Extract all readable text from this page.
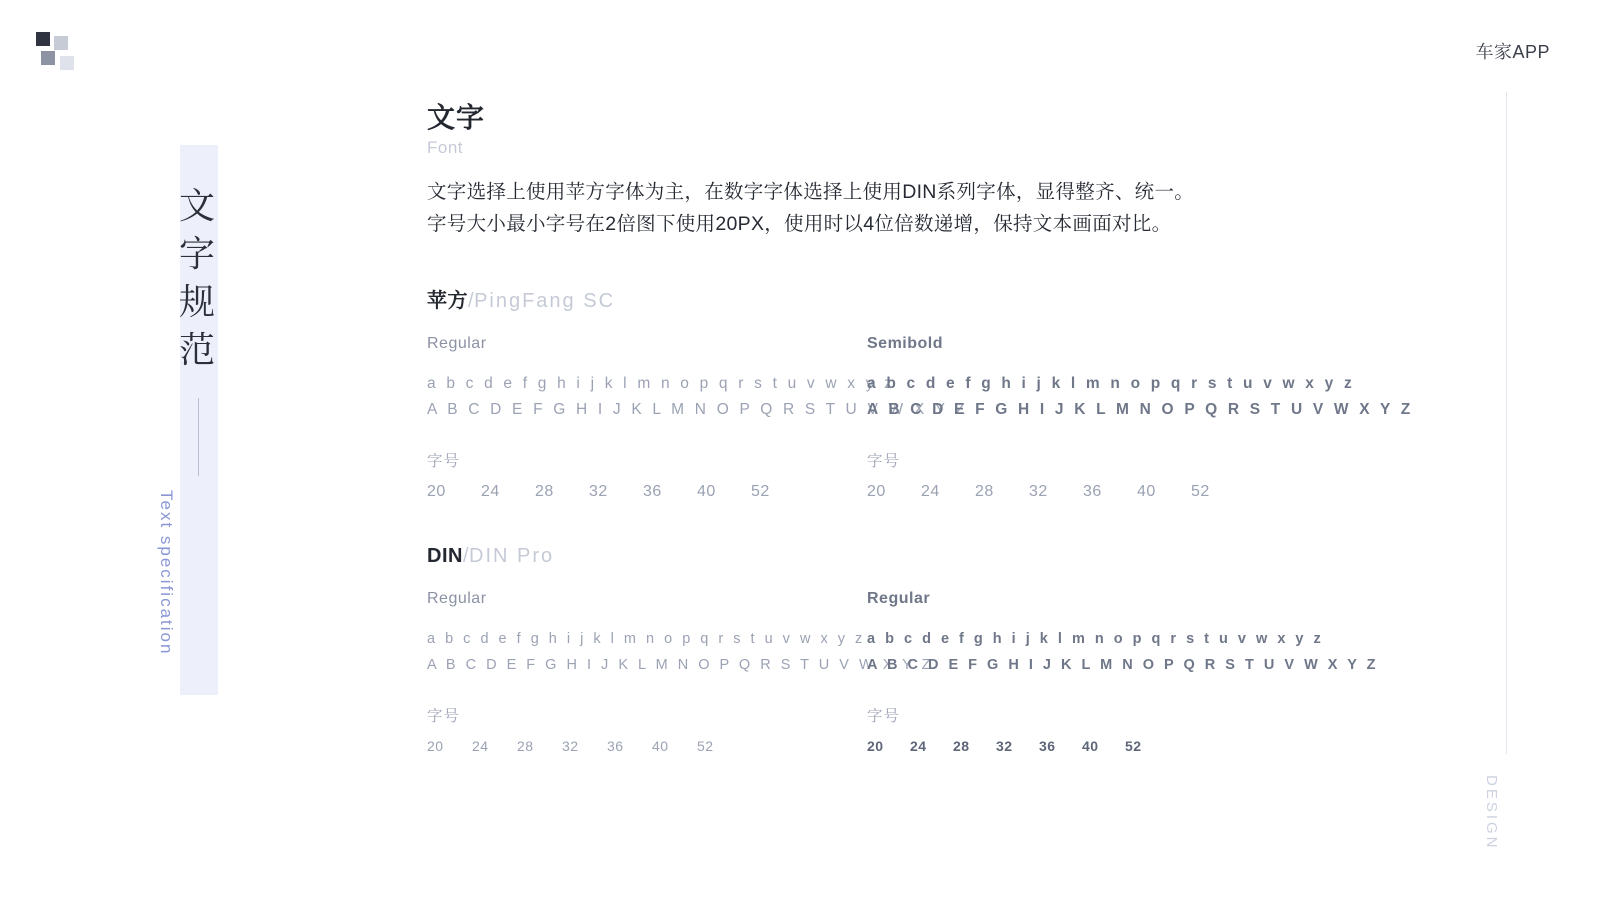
车家APP
文
字
规
范
Text specification
DESIGN
文字
Font
文字选择上使用苹方字体为主，在数字字体选择上使用DIN系列字体，显得整齐、统一。
字号大小最小字号在2倍图下使用20PX，使用时以4位倍数递增，保持文本画面对比。
苹方/PingFang SC
Regular
a b c d e f g h i j k l m n o p q r s t u v w x y z
A B C D E F G H I J K L M N O P Q R S T U V W X Y Z
字号
20	24	28	32	36	40	52
Semibold
a b c d e f g h i j k l m n o p q r s t u v w x y z
A B C D E F G H I J K L M N O P Q R S T U V W X Y Z
字号
20	24	28	32	36	40	52
DIN/DIN Pro
Regular
a b c d e f g h i j k l m n o p q r s t u v w x y z
A B C D E F G H I J K L M N O P Q R S T U V W X Y Z
字号
20	24	28	32	36	40	52
Regular
a b c d e f g h i j k l m n o p q r s t u v w x y z
A B C D E F G H I J K L M N O P Q R S T U V W X Y Z
字号
20	24	28	32	36	40	52
